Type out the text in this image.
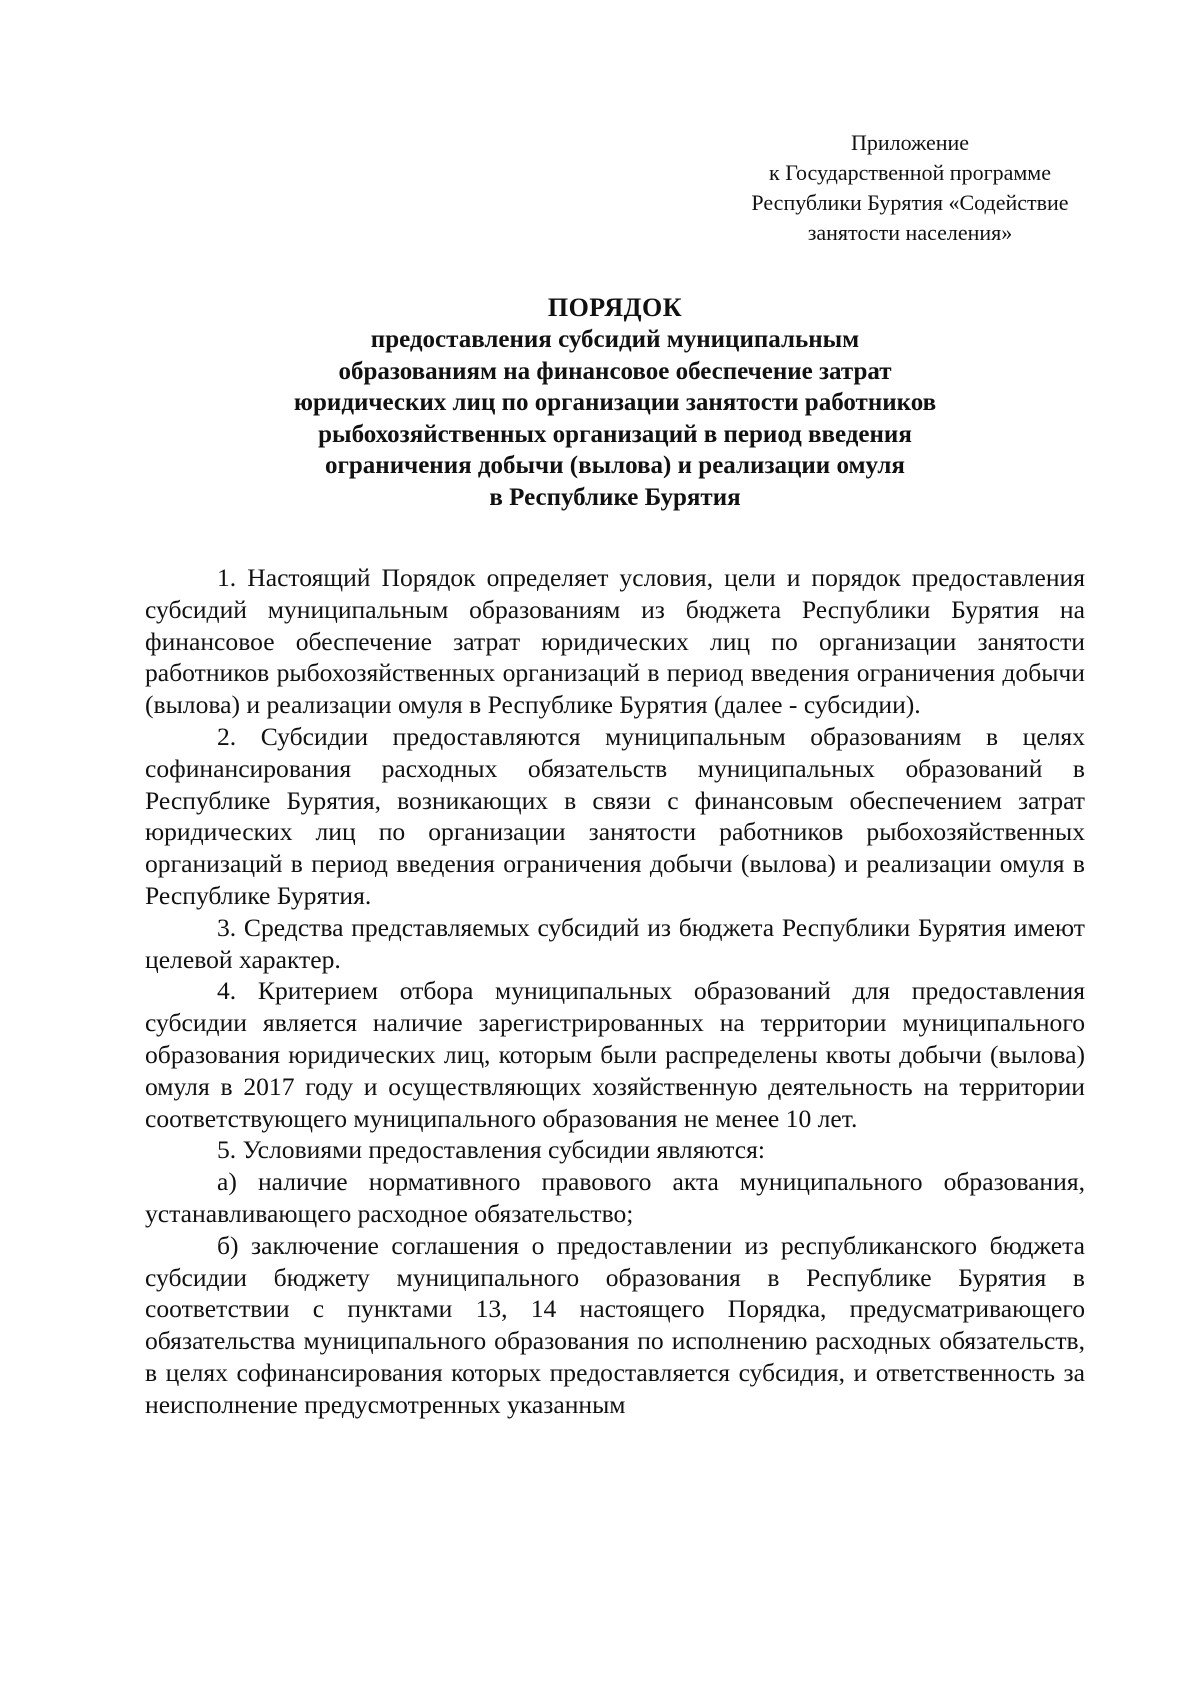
Приложение
к Государственной программе
Республики Бурятия «Содействие
занятости населения»
ПОРЯДОК
предоставления субсидий муниципальным
образованиям на финансовое обеспечение затрат
юридических лиц по организации занятости работников
рыбохозяйственных организаций в период введения
ограничения добычи (вылова) и реализации омуля
в Республике Бурятия

1. Настоящий Порядок определяет условия, цели и порядок предоставления субсидий муниципальным образованиям из бюджета Республики Бурятия на финансовое обеспечение затрат юридических лиц по организации занятости работников рыбохозяйственных организаций в период введения ограничения добычи (вылова) и реализации омуля в Республике Бурятия (далее - субсидии).

2. Субсидии предоставляются муниципальным образованиям в целях софинансирования расходных обязательств муниципальных образований в Республике Бурятия, возникающих в связи с финансовым обеспечением затрат юридических лиц по организации занятости работников рыбохозяйственных организаций в период введения ограничения добычи (вылова) и реализации омуля в Республике Бурятия.

3. Средства представляемых субсидий из бюджета Республики Бурятия имеют целевой характер.

4. Критерием отбора муниципальных образований для предоставления субсидии является наличие зарегистрированных на территории муниципального образования юридических лиц, которым были распределены квоты добычи (вылова) омуля в 2017 году и осуществляющих хозяйственную деятельность на территории соответствующего муниципального образования не менее 10 лет.

5. Условиями предоставления субсидии являются:

а) наличие нормативного правового акта муниципального образования, устанавливающего расходное обязательство;

б) заключение соглашения о предоставлении из республиканского бюджета субсидии бюджету муниципального образования в Республике Бурятия в соответствии с пунктами 13, 14 настоящего Порядка, предусматривающего обязательства муниципального образования по исполнению расходных обязательств, в целях софинансирования которых предоставляется субсидия, и ответственность за неисполнение предусмотренных указанным
